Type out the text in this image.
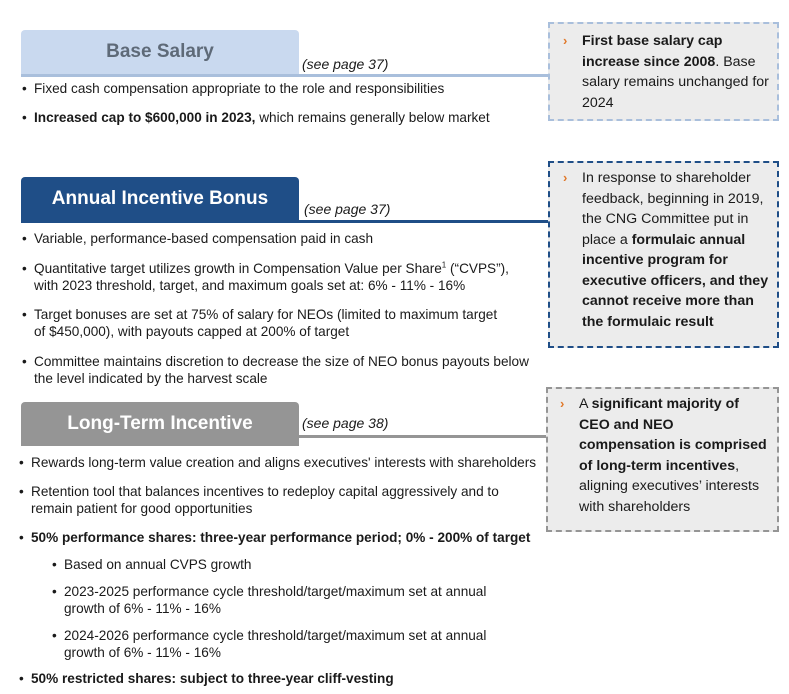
Base Salary
(see page 37)
• Fixed cash compensation appropriate to the role and responsibilities
• Increased cap to $600,000 in 2023, which remains generally below market
Annual Incentive Bonus	(see page 37)
• Variable, performance-based compensation paid in cash
• Quantitative target utilizes growth in Compensation Value per Share$^1$ (“CVPS”),
with 2023 threshold, target, and maximum goals set at: 6% - 11% - 16%
• Target bonuses are set at 75% of salary for NEOs (limited to maximum target
of $450,000), with payouts capped at 200% of target
• Committee maintains discretion to decrease the size of NEO bonus payouts below
the level indicated by the harvest scale
Long-Term Incentive	(see page 38)
• Rewards long-term value creation and aligns executives' interests with shareholders
• Retention tool that balances incentives to redeploy capital aggressively and to
remain patient for good opportunities
• 50% performance shares: three-year performance period; 0% - 200% of target
• Based on annual CVPS growth
• 2023-2025 performance cycle threshold/target/maximum set at annual
growth of 6% - 11% - 16%
• 2024-2026 performance cycle threshold/target/maximum set at annual
growth of 6% - 11% - 16%
• 50% restricted shares: subject to three-year cliff-vesting
› First base salary cap increase since 2008. Base salary remains unchanged for 2024
› In response to shareholder feedback, beginning in 2019, the CNG Committee put in place a formulaic annual incentive program for executive officers, and they cannot receive more than the formulaic result
› A significant majority of CEO and NEO compensation is comprised of long-term incentives, aligning executives’ interests with shareholders
